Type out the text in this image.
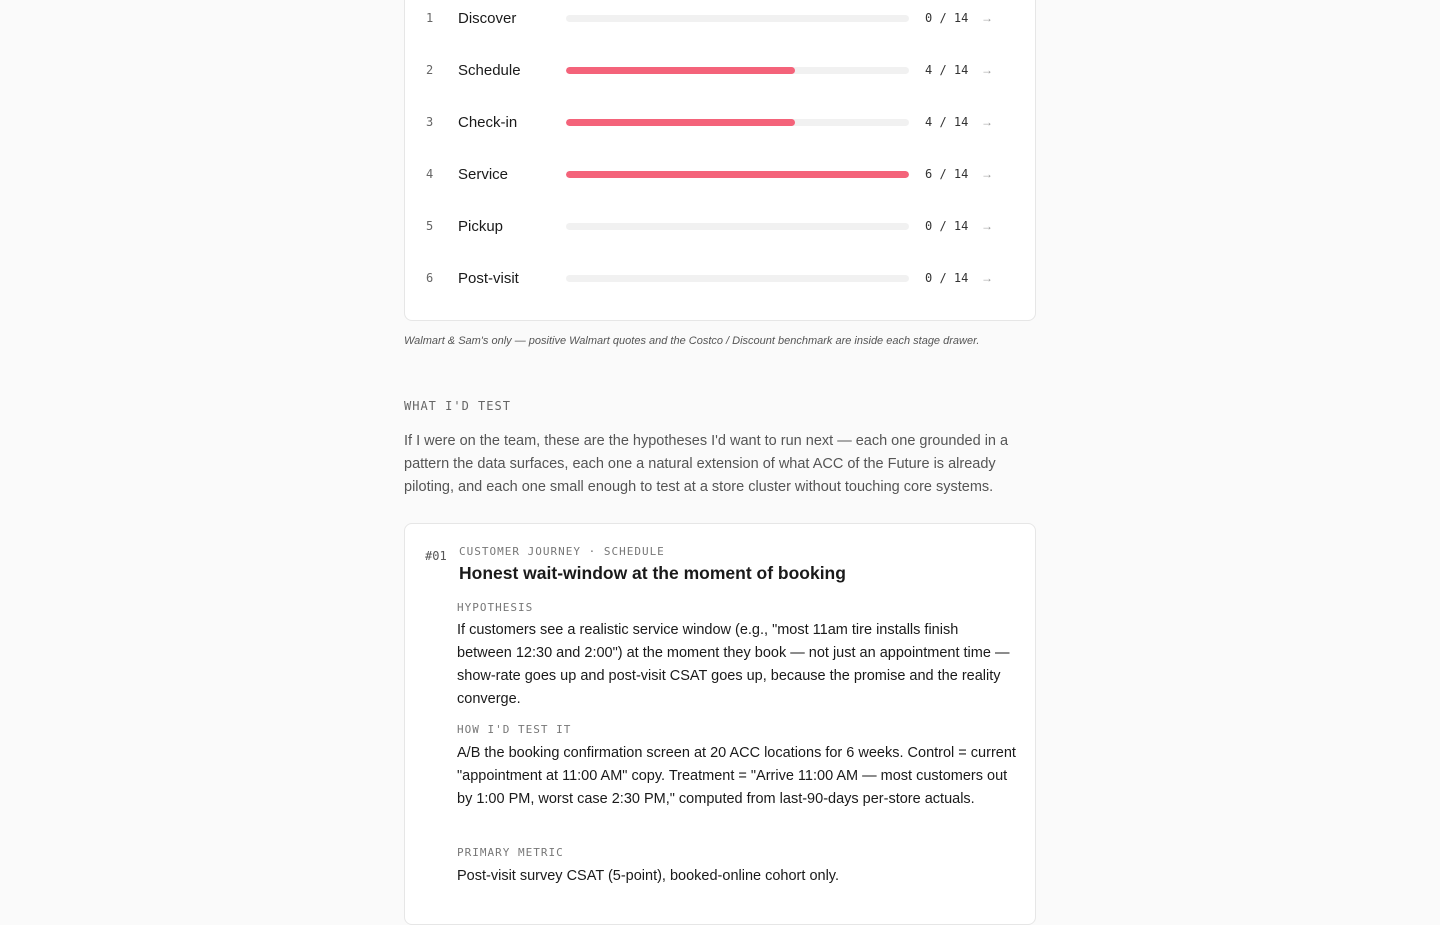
1	Discover	0 / 14 →
2	Schedule	4 / 14 →
3	Check-in	4 / 14 →
4	Service	6 / 14 →
5	Pickup	0 / 14 →
6	Post-visit	0 / 14 →
Walmart & Sam's only — positive Walmart quotes and the Costco / Discount benchmark are inside each stage drawer.
WHAT I'D TEST
If I were on the team, these are the hypotheses I'd want to run next — each one grounded in a pattern the data surfaces, each one a natural extension of what ACC of the Future is already piloting, and each one small enough to test at a store cluster without touching core systems.
#01 CUSTOMER JOURNEY · SCHEDULE
Honest wait-window at the moment of booking
HYPOTHESIS
If customers see a realistic service window (e.g., "most 11am tire installs finish between 12:30 and 2:00") at the moment they book — not just an appointment time — show-rate goes up and post-visit CSAT goes up, because the promise and the reality converge.
HOW I'D TEST IT
A/B the booking confirmation screen at 20 ACC locations for 6 weeks. Control = current "appointment at 11:00 AM" copy. Treatment = "Arrive 11:00 AM — most customers out by 1:00 PM, worst case 2:30 PM," computed from last-90-days per-store actuals.
PRIMARY METRIC
Post-visit survey CSAT (5-point), booked-online cohort only.
